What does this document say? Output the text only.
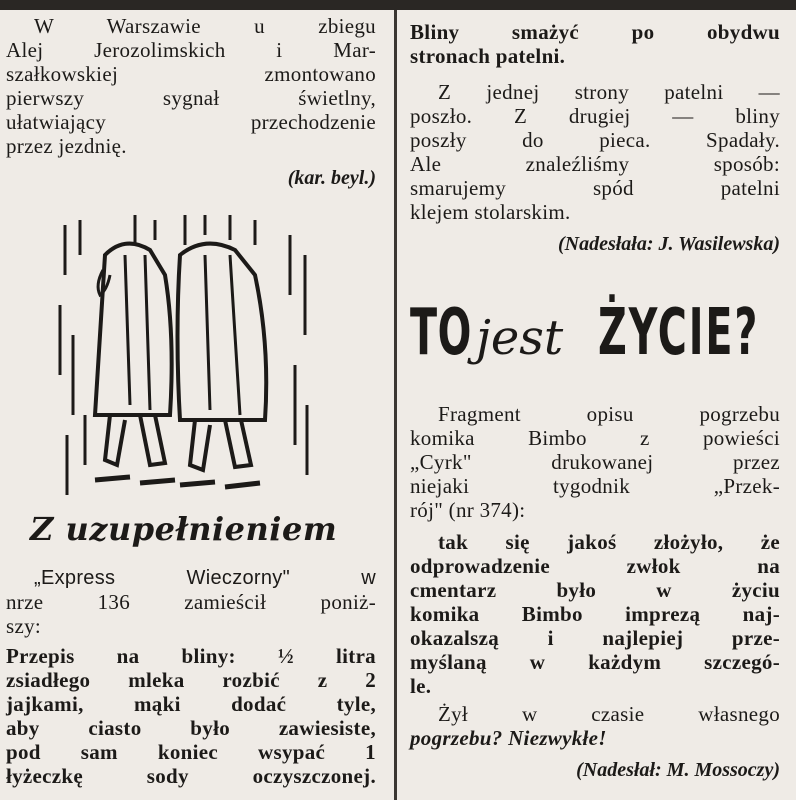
W Warszawie u zbiegu

Alej Jerozolimskich i Mar-

szałkowskiej zmontowano

pierwszy sygnał świetlny,

ułatwiający przechodzenie

przez jezdnię.

(kar. beyl.)

Z uzupełnieniem

„Express Wieczorny" w

nrze 136 zamieścił poniż-

szy:

Przepis na bliny: ½ litra

zsiadłego mleka rozbić z 2

jajkami, mąki dodać tyle,

aby ciasto było zawiesiste,

pod sam koniec wsypać 1

łyżeczkę sody oczyszczonej.

Bliny smażyć po obydwu

stronach patelni.

Z jednej strony patelni —

poszło. Z drugiej — bliny

poszły do pieca. Spadały.

Ale znaleźliśmy sposób:

smarujemy spód patelni

klejem stolarskim.

(Nadesłała: J. Wasilewska)

TO jest ŻYCIE?

Fragment opisu pogrzebu

komika Bimbo z powieści

„Cyrk" drukowanej przez

niejaki tygodnik „Przek-

rój" (nr 374):

tak się jakoś złożyło, że

odprowadzenie zwłok na

cmentarz było w życiu

komika Bimbo imprezą naj-

okazalszą i najlepiej prze-

myślaną w każdym szczegó-

le.

Żył w czasie własnego

pogrzebu? Niezwykłe!

(Nadesłał: M. Mossoczy)
